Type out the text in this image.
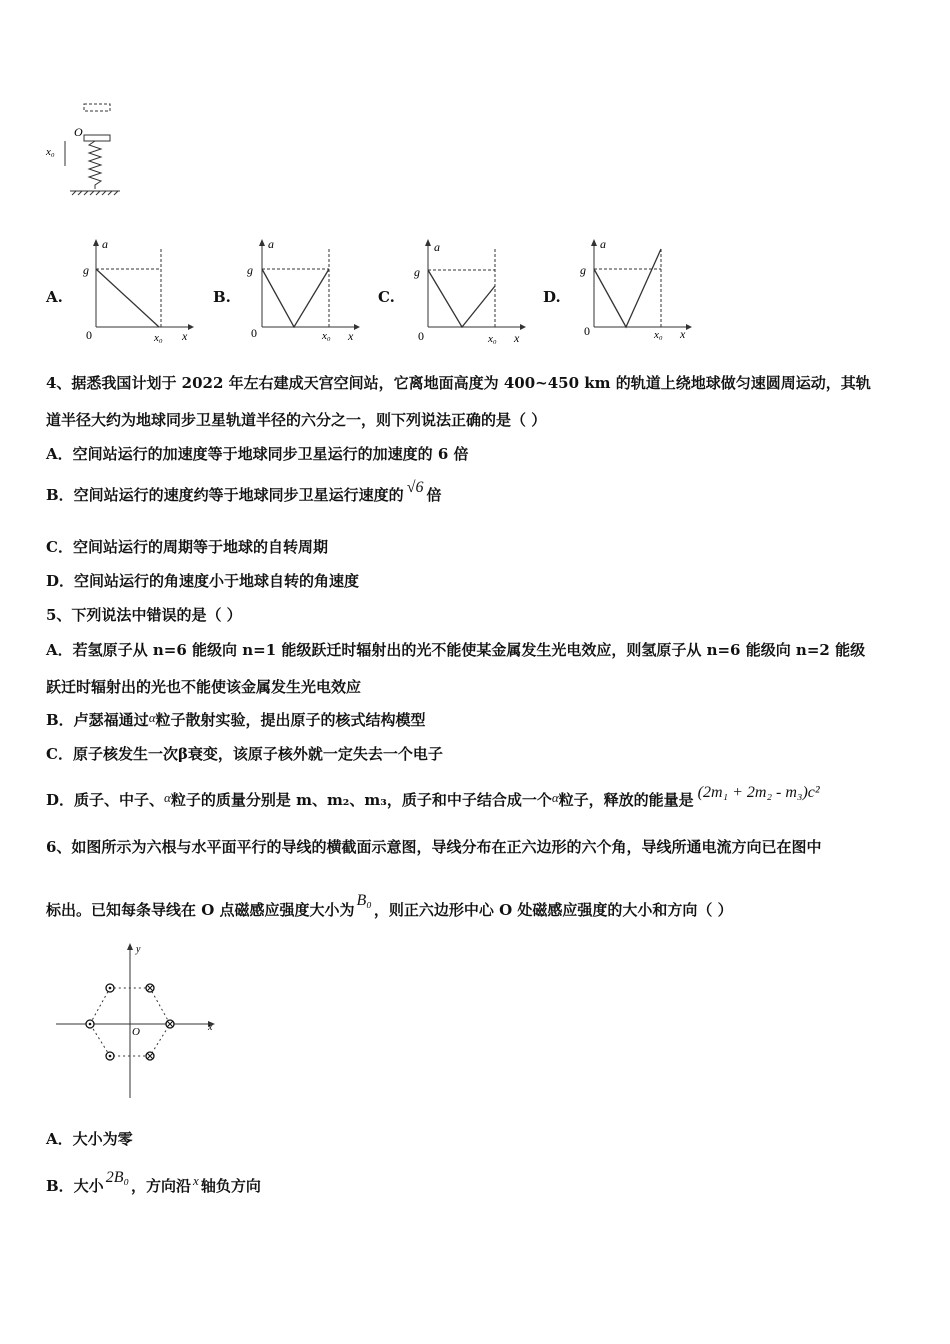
O
x₀
A.	B.	C.	D.
a
g
0	x₀ x
a
g
0	x₀ x
a
g
0	x₀ x
a
g
0	x₀ x
4、据悉我国计划于 2022 年左右建成天宫空间站，它离地面高度为 400~450 km 的轨道上绕地球做匀速圆周运动，其轨
道半径大约为地球同步卫星轨道半径的六分之一，则下列说法正确的是（ ）
A．空间站运行的加速度等于地球同步卫星运行的加速度的 6 倍
B．空间站运行的速度约等于地球同步卫星运行速度的 √6 倍
C．空间站运行的周期等于地球的自转周期
D．空间站运行的角速度小于地球自转的角速度
5、下列说法中错误的是（ ）
A．若氢原子从 n=6 能级向 n=1 能级跃迁时辐射出的光不能使某金属发生光电效应，则氢原子从 n=6 能级向 n=2 能级
跃迁时辐射出的光也不能使该金属发生光电效应
B．卢瑟福通过α粒子散射实验，提出原子的核式结构模型
C．原子核发生一次β衰变，该原子核外就一定失去一个电子
D．质子、中子、α粒子的质量分别是 m、m₂、m₃，质子和中子结合成一个α粒子，释放的能量是 (2m₁ + 2m₂ - m₃)c²
6、如图所示为六根与水平面平行的导线的横截面示意图，导线分布在正六边形的六个角，导线所通电流方向已在图中
标出。已知每条导线在 O 点磁感应强度大小为B₀，则正六边形中心 O 处磁感应强度的大小和方向（ ）
x
y
O
A．大小为零
B．大小 2B₀ ，方向沿 x 轴负方向
